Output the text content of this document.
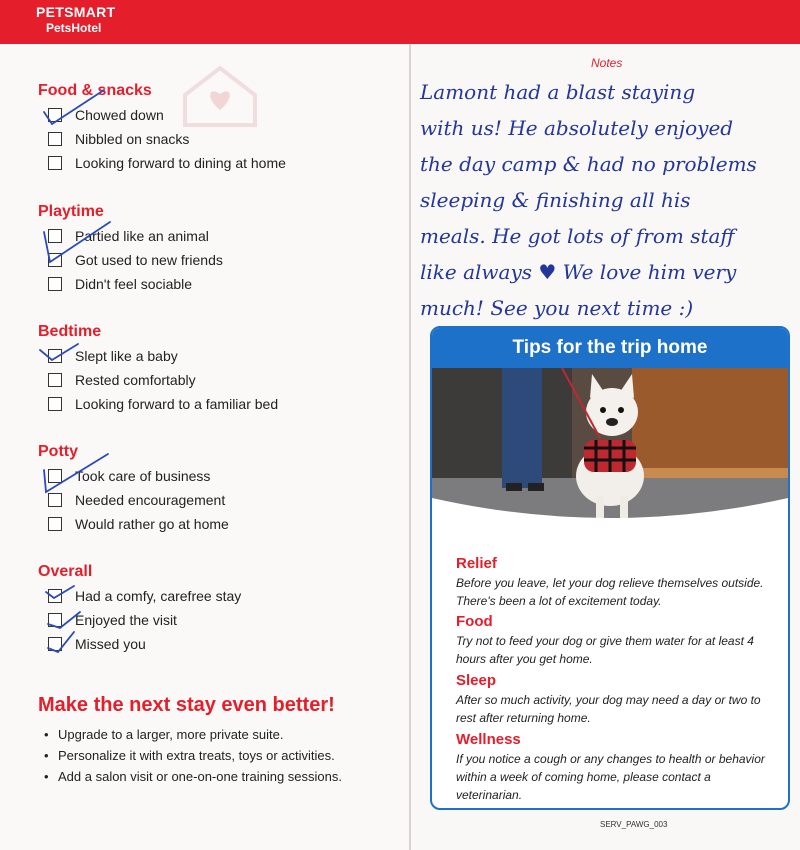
PETSMART
PetsHotel
Food & snacks
Chowed down
Nibbled on snacks
Looking forward to dining at home
Playtime
Partied like an animal
Got used to new friends
Didn't feel sociable
Bedtime
Slept like a baby
Rested comfortably
Looking forward to a familiar bed
Potty
Took care of business
Needed encouragement
Would rather go at home
Overall
Had a comfy, carefree stay
Enjoyed the visit
Missed you
Make the next stay even better!
• Upgrade to a larger, more private suite.
• Personalize it with extra treats, toys or activities.
• Add a salon visit or one-on-one training sessions.
Notes
Lamont had a blast staying
with us! He absolutely enjoyed
the day camp & had no problems
sleeping & finishing all his
meals. He got lots of from staff
like always ♥ We love him very
much! See you next time :)
Tips for the trip home
Relief

Before you leave, let your dog relieve themselves outside. There's been a lot of excitement today.

Food

Try not to feed your dog or give them water for at least 4 hours after you get home.

Sleep

After so much activity, your dog may need a day or two to rest after returning home.

Wellness

If you notice a cough or any changes to health or behavior within a week of coming home, please contact a veterinarian.

SERV_PAWG_003
